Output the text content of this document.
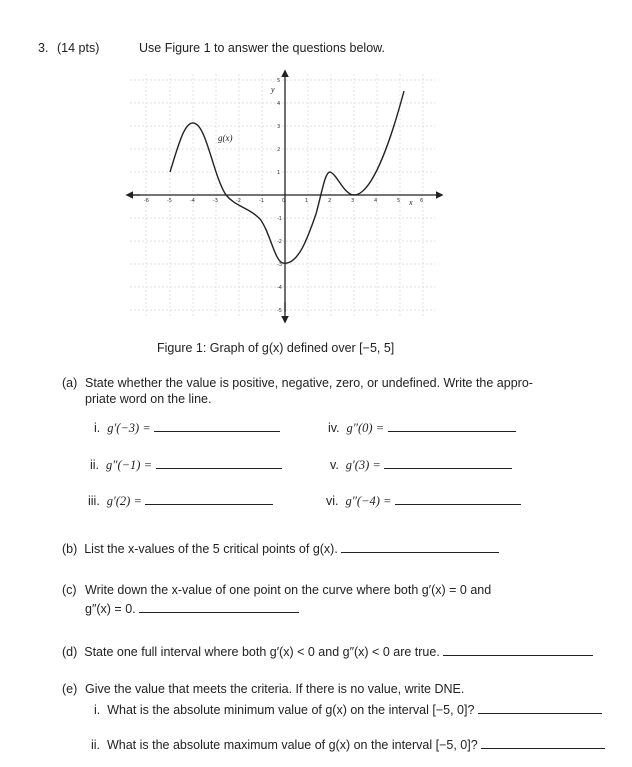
3. (14 pts)	Use Figure 1 to answer the questions below.
-6	-5	-4	-3	-2	-1	0	1	2	3	4	5	6
5
4
3
2
1
-1
-2
-3
-4
-5
g(x)
y
x
Figure 1: Graph of g(x) defined over [−5, 5]
(a) State whether the value is positive, negative, zero, or undefined. Write the appro-
priate word on the line.
i. g′(−3) =	iv. g″(0) =
ii. g″(−1) =	v. g′(3) =
iii. g′(2) =	vi. g″(−4) =
(b) List the x-values of the 5 critical points of g(x).
(c) Write down the x-value of one point on the curve where both g′(x) = 0 and
g″(x) = 0.
(d) State one full interval where both g′(x) < 0 and g″(x) < 0 are true.
(e) Give the value that meets the criteria. If there is no value, write DNE.
i. What is the absolute minimum value of g(x) on the interval [−5, 0]?
ii. What is the absolute maximum value of g(x) on the interval [−5, 0]?
